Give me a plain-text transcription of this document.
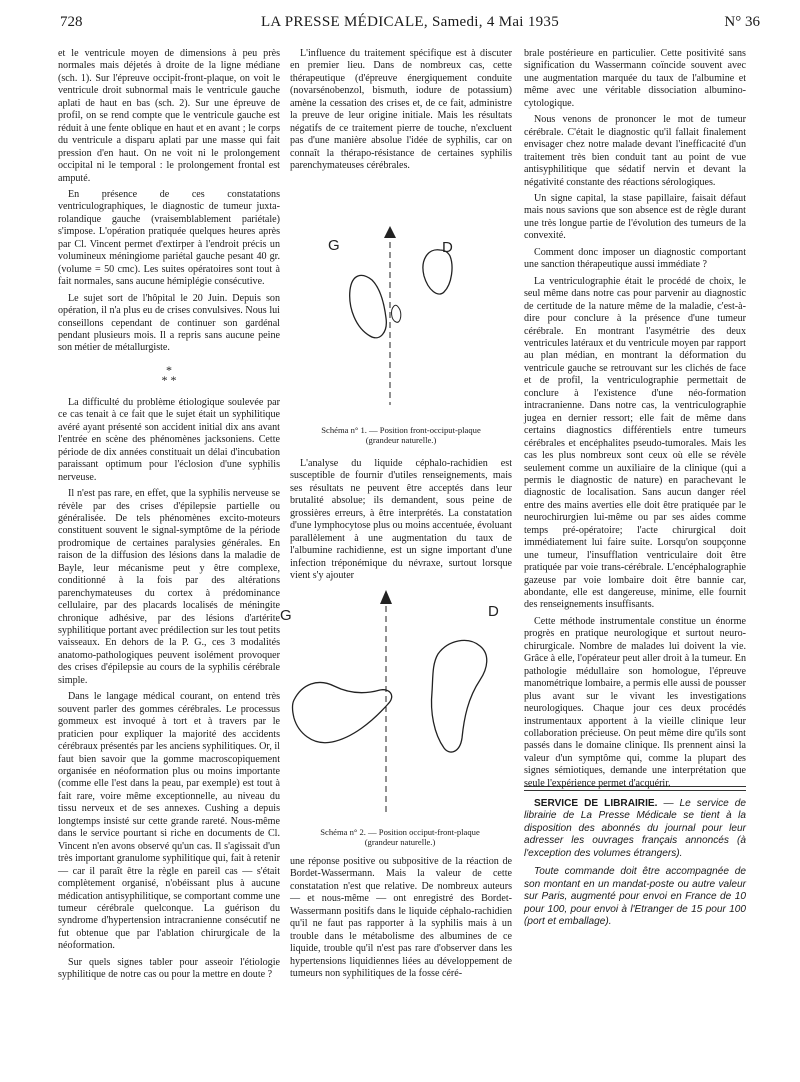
728	LA PRESSE MÉDICALE, Samedi, 4 Mai 1935	N° 36

et le ventricule moyen de dimensions à peu près normales mais déjetés à droite de la ligne médiane (sch. 1). Sur l'épreuve occipit-front-plaque, on voit le ventricule droit subnormal mais le ventricule gauche aplati de haut en bas (sch. 2). Sur une épreuve de profil, on se rend compte que le ventricule gauche est réduit à une fente oblique en haut et en avant ; le corps du ventricule a disparu aplati par une masse qui fait pression d'en haut. On ne voit ni le prolongement occipital ni le temporal : le prolongement frontal est amputé.

En présence de ces constatations ventriculographiques, le diagnostic de tumeur juxta-rolandique gauche (vraisemblablement pariétale) s'impose. L'opération pratiquée quelques heures après par Cl. Vincent permet d'extirper à l'endroit précis un volumineux méningiome pariétal gauche pesant 40 gr. (volume = 50 cmc). Les suites opératoires sont tout à fait normales, sans aucune hémiplégie consécutive.

Le sujet sort de l'hôpital le 20 Juin. Depuis son opération, il n'a plus eu de crises convulsives. Nous lui conseillons cependant de continuer son gardénal pendant plusieurs mois. Il a repris sans aucune peine son métier de métallurgiste.

*
* *

La difficulté du problème étiologique soulevée par ce cas tenait à ce fait que le sujet était un syphilitique avéré ayant présenté son accident initial dix ans avant l'entrée en scène des phénomènes jacksoniens. Cette période de dix années constituait un délai d'incubation paraissant optimum pour l'éclosion d'une syphilis nerveuse.

Il n'est pas rare, en effet, que la syphilis nerveuse se révèle par des crises d'épilepsie partielle ou généralisée. De tels phénomènes excito-moteurs constituent souvent le signal-symptôme de la période prodromique de certaines paralysies générales. En raison de la diffusion des lésions dans la maladie de Bayle, leur mécanisme peut y être complexe, conditionné à la fois par des altérations parenchymateuses du cortex à prédominance cellulaire, par des placards localisés de méningite chronique adhésive, par des lésions d'artérite syphilitique portant avec prédilection sur les tout petits vaisseaux. En dehors de la P. G., ces 3 modalités anatomo-pathologiques peuvent isolément provoquer des crises d'épilepsie au cours de la syphilis cérébrale simple.

Dans le langage médical courant, on entend très souvent parler des gommes cérébrales. Le processus gommeux est invoqué à tort et à travers par le praticien pour expliquer la majorité des accidents cérébraux présentés par les anciens syphilitiques. Or, il faut bien savoir que la gomme macroscopiquement organisée en néoformation plus ou moins importante (comme elle l'est dans la peau, par exemple) est tout à fait rare, voire même exceptionnelle, au niveau du tissu nerveux et de ses annexes. Cushing a depuis longtemps insisté sur cette grande rareté. Nous-même dans le service pourtant si riche en documents de Cl. Vincent n'en avons observé qu'un cas. Il s'agissait d'un très important granulome syphilitique qui, fait à retenir — car il paraît être la règle en pareil cas — s'était complètement organisé, n'obéissant plus à aucune médication antisyphilitique, se comportant comme une tumeur cérébrale quelconque. La guérison du syndrome d'hypertension intracranienne consécutif ne fut obtenue que par l'ablation chirurgicale de la néoformation.

Sur quels signes tabler pour asseoir l'étiologie syphilitique de notre cas ou pour la mettre en doute ?

L'influence du traitement spécifique est à discuter en premier lieu. Dans de nombreux cas, cette thérapeutique (d'épreuve énergiquement conduite (novarsénobenzol, bismuth, iodure de potassium) amène la cessation des crises et, de ce fait, administre la preuve de leur origine initiale. Mais les résultats négatifs de ce traitement pierre de touche, n'excluent pas d'une manière absolue l'idée de syphilis, car on connaît la thérapo-résistance de certaines syphilis parenchymateuses cérébrales.

G	D
Schéma n° 1. — Position front-occiput-plaque
(grandeur naturelle.)

L'analyse du liquide céphalo-rachidien est susceptible de fournir d'utiles renseignements, mais ses résultats ne peuvent être acceptés dans leur brutalité absolue; ils demandent, sous peine de grossières erreurs, à être interprétés. La constatation d'une lymphocytose plus ou moins accentuée, évoluant parallèlement à une augmentation du taux de l'albumine rachidienne, est un signe important d'une infection tréponémique du névraxe, surtout lorsque vient s'y ajouter

G	D
Schéma n° 2. — Position occiput-front-plaque
(grandeur naturelle.)

une réponse positive ou subpositive de la réaction de Bordet-Wassermann. Mais la valeur de cette constatation n'est que relative. De nombreux auteurs — et nous-même — ont enregistré des Bordet-Wassermann positifs dans le liquide céphalo-rachidien qu'il ne faut pas rapporter à la syphilis mais à un trouble dans le métabolisme des albumines de ce liquide, trouble qu'il n'est pas rare d'observer dans les hypertensions liquidiennes liées au développement de tumeurs non syphilitiques de la fosse céré-

brale postérieure en particulier. Cette positivité sans signification du Wassermann coïncide souvent avec une augmentation marquée du taux de l'albumine et même avec une véritable dissociation albumino-cytologique.

Nous venons de prononcer le mot de tumeur cérébrale. C'était le diagnostic qu'il fallait finalement envisager chez notre malade devant l'inefficacité d'un traitement très bien conduit tant au point de vue antisyphilitique que sédatif nervin et devant la négativité constante des réactions sérologiques.

Un signe capital, la stase papillaire, faisait défaut mais nous savions que son absence est de règle durant une très longue partie de l'évolution des tumeurs de la convexité.

Comment donc imposer un diagnostic comportant une sanction thérapeutique aussi immédiate ?

La ventriculographie était le procédé de choix, le seul même dans notre cas pour parvenir au diagnostic de certitude de la nature même de la maladie, c'est-à-dire pour conclure à la présence d'une tumeur cérébrale. En montrant l'asymétrie des deux ventricules latéraux et du ventricule moyen par rapport au plan médian, en montrant la déformation du ventricule gauche se retrouvant sur les clichés de face et de profil, la ventriculographie permettait de conclure à l'existence d'une néo-formation intracranienne. Dans notre cas, la ventriculographie jugea en dernier ressort; elle fait de même dans certains diagnostics différentiels entre tumeurs cérébrales et encéphalites pseudo-tumorales. Mais les cas les plus nombreux sont ceux où elle se révèle seulement comme un auxiliaire de la clinique (qui a permis le diagnostic de nature) en parachevant le diagnostic de localisation. Sans aucun danger réel entre des mains averties elle doit être pratiquée par le neurochirurgien lui-même ou par ses aides comme temps pré-opératoire; l'acte chirurgical doit immédiatement lui faire suite. Lorsqu'on soupçonne une tumeur, l'insufflation ventriculaire doit être pratiquée par voie trans-cérébrale. L'encéphalographie gazeuse par voie lombaire doit être bannie car, abondante, elle est dangereuse, minime, elle fournit des renseignements insuffisants.

Cette méthode instrumentale constitue un énorme progrès en pratique neurologique et surtout neuro-chirurgicale. Nombre de malades lui doivent la vie. Grâce à elle, l'opérateur peut aller droit à la tumeur. En pathologie médullaire son homologue, l'épreuve manométrique lombaire, a permis elle aussi de pousser plus avant sur le vivant les investigations neurologiques. Chaque jour ces deux procédés instrumentaux apportent à la vieille clinique leur collaboration précieuse. On peut même dire qu'ils sont passés dans le domaine clinique. Ils prennent ainsi la valeur d'un symptôme qui, comme la plupart des signes sémiotiques, demande une interprétation que seule l'expérience permet d'acquérir.

SERVICE DE LIBRAIRIE. — Le service de librairie de La Presse Médicale se tient à la disposition des abonnés du journal pour leur adresser les ouvrages français annoncés (à l'exception des volumes étrangers).

Toute commande doit être accompagnée de son montant en un mandat-poste ou autre valeur sur Paris, augmenté pour envoi en France de 10 pour 100, pour envoi à l'Etranger de 15 pour 100 (port et emballage).
